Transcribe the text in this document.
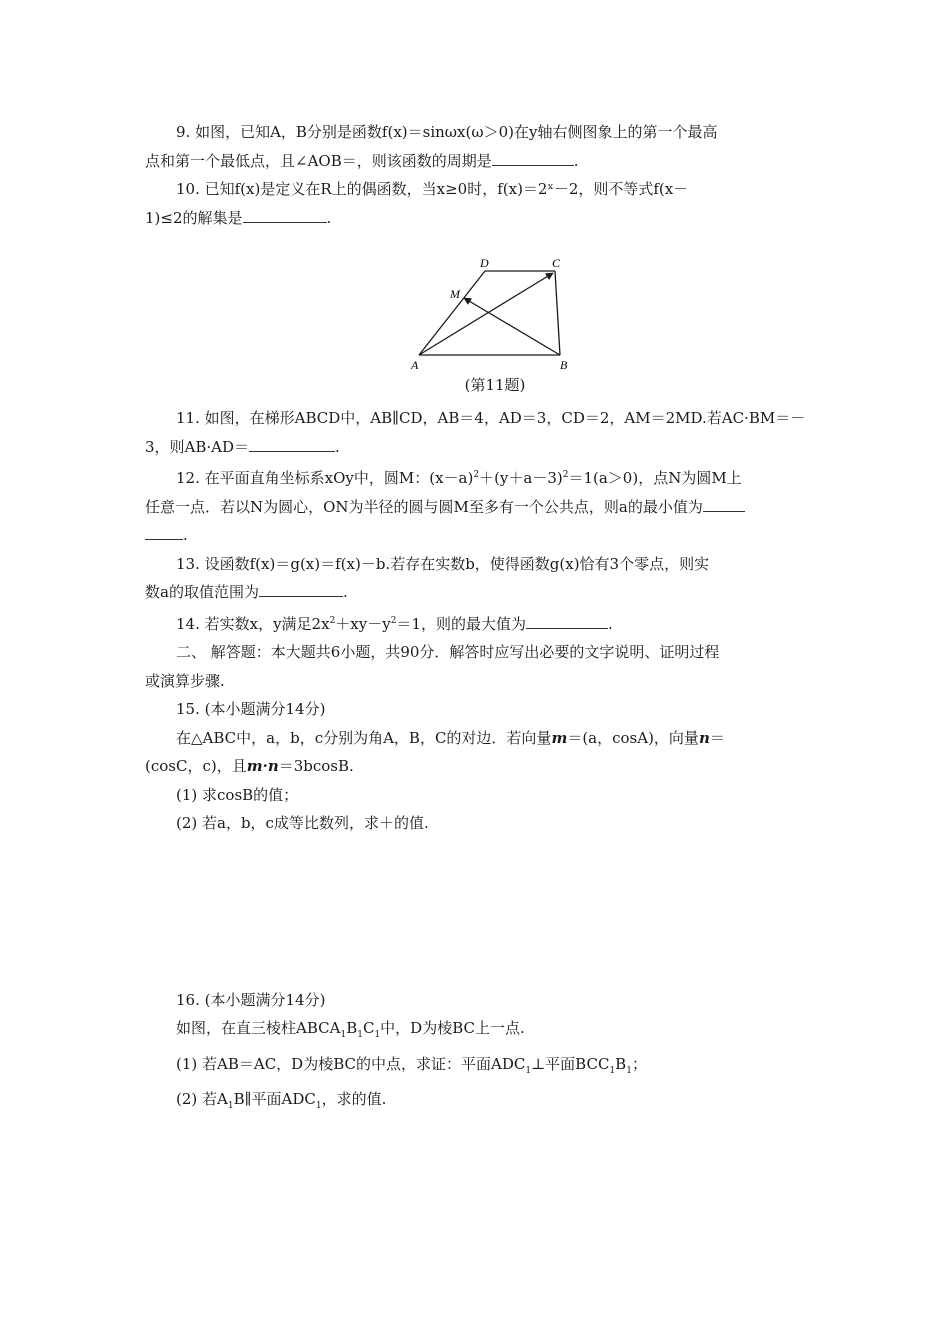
9. 如图，已知A，B分别是函数f(x)＝sinωx(ω＞0)在y轴右侧图象上的第一个最高
点和第一个最低点，且∠AOB＝，则该函数的周期是	.
10. 已知f(x)是定义在R上的偶函数，当x≥0时，f(x)＝2ˣ－2，则不等式f(x－
1)≤2的解集是	.
11. 如图，在梯形ABCD中，AB∥CD，AB＝4，AD＝3，CD＝2，AM＝2MD.若AC·BM＝－
3，则AB·AD＝	.
12. 在平面直角坐标系xOy中，圆M：$(x-a)^2+(y+a-3)^2=1(a>0)$，点N为圆M上
任意一点．若以N为圆心，ON为半径的圆与圆M至多有一个公共点，则a的最小值为
.
13. 设函数f(x)＝g(x)＝f(x)－b.若存在实数b，使得函数g(x)恰有3个零点，则实
数a的取值范围为	.
14. 若实数x，y满足$2x^2+xy-y^2=1$，则的最大值为	.
二、 解答题：本大题共6小题，共90分．解答时应写出必要的文字说明、证明过程
或演算步骤.
15. (本小题满分14分)
在△ABC中，a，b，c分别为角A，B，C的对边．若向量m＝(a，cosA)，向量n＝
(cosC，c)，且m·n＝3bcosB.
(1) 求cosB的值；
(2) 若a，b，c成等比数列，求＋的值.
16. (本小题满分14分)
如图，在直三棱柱$ABCA_1B_1C_1$中，D为棱BC上一点.
(1) 若AB＝AC，D为棱BC的中点，求证：平面$ADC_1\perp$平面$BCC_1B_1$；
(2) 若$A_1B\parallel$平面$ADC_1$，求的值.
A	B
C
D
M
(第11题)
